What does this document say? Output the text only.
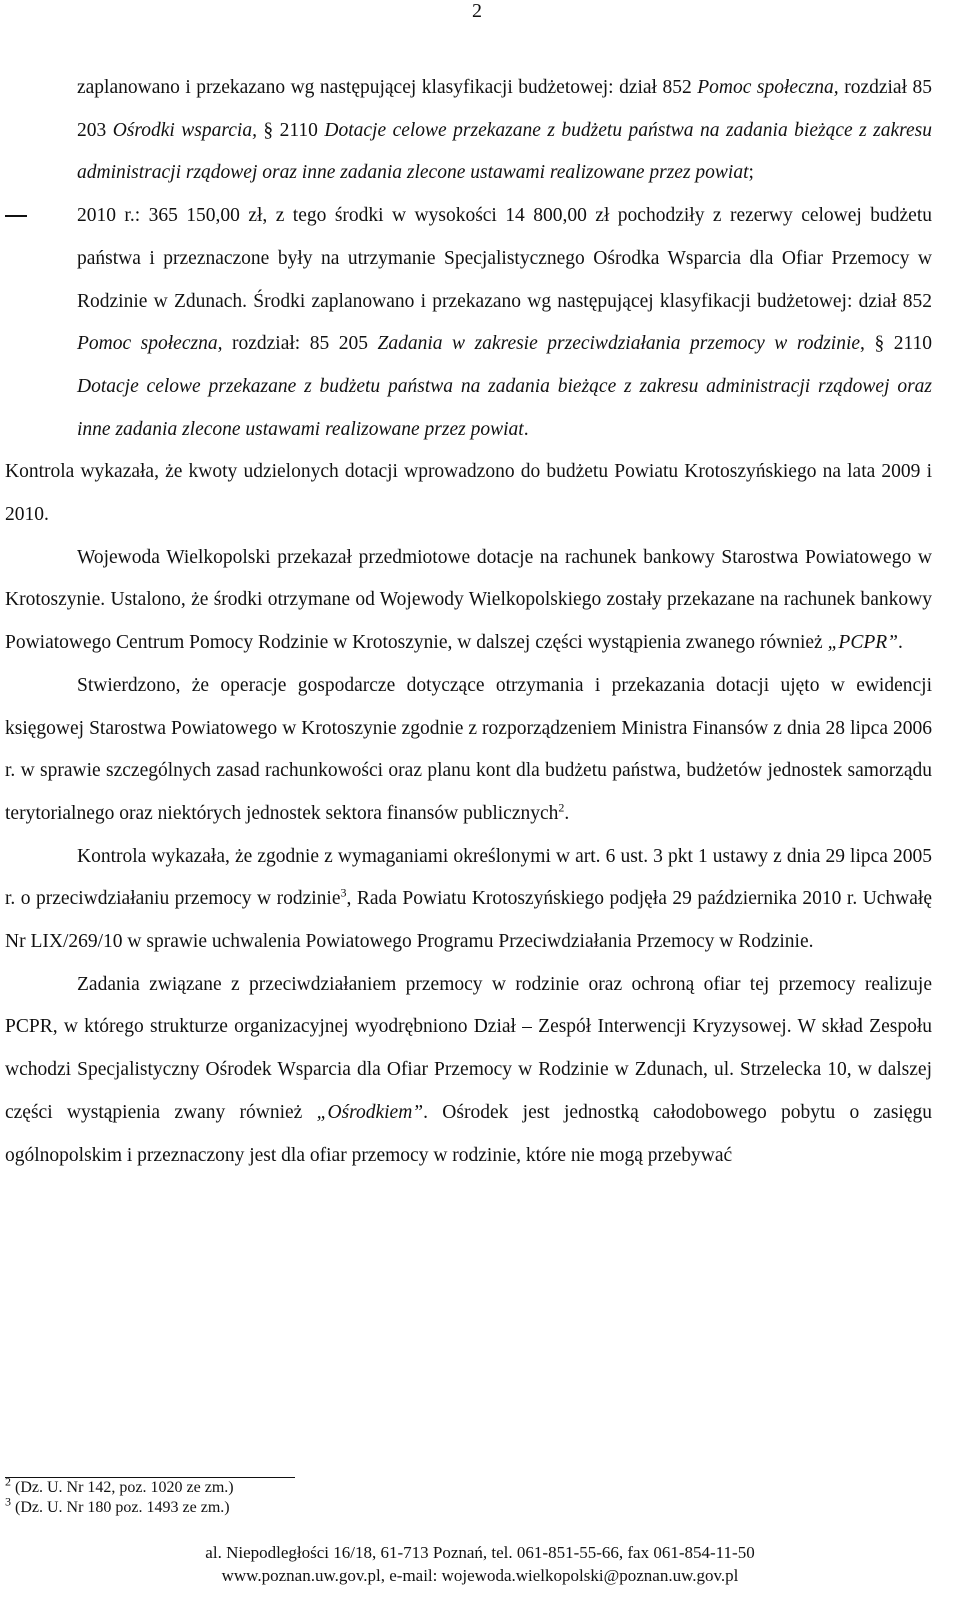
2

zaplanowano i przekazano wg następującej klasyfikacji budżetowej: dział 852 Pomoc społeczna, rozdział 85 203 Ośrodki wsparcia, § 2110 Dotacje celowe przekazane z budżetu państwa na zadania bieżące z zakresu administracji rządowej oraz inne zadania zlecone ustawami realizowane przez powiat;

2010 r.: 365 150,00 zł, z tego środki w wysokości 14 800,00 zł pochodziły z rezerwy celowej budżetu państwa i przeznaczone były na utrzymanie Specjalistycznego Ośrodka Wsparcia dla Ofiar Przemocy w Rodzinie w Zdunach. Środki zaplanowano i przekazano wg następującej klasyfikacji budżetowej: dział 852 Pomoc społeczna, rozdział: 85 205 Zadania w zakresie przeciwdziałania przemocy w rodzinie, § 2110 Dotacje celowe przekazane z budżetu państwa na zadania bieżące z zakresu administracji rządowej oraz inne zadania zlecone ustawami realizowane przez powiat.

Kontrola wykazała, że kwoty udzielonych dotacji wprowadzono do budżetu Powiatu Krotoszyńskiego na lata 2009 i 2010.

Wojewoda Wielkopolski przekazał przedmiotowe dotacje na rachunek bankowy Starostwa Powiatowego w Krotoszynie. Ustalono, że środki otrzymane od Wojewody Wielkopolskiego zostały przekazane na rachunek bankowy Powiatowego Centrum Pomocy Rodzinie w Krotoszynie, w dalszej części wystąpienia zwanego również „PCPR”.

Stwierdzono, że operacje gospodarcze dotyczące otrzymania i przekazania dotacji ujęto w ewidencji księgowej Starostwa Powiatowego w Krotoszynie zgodnie z rozporządzeniem Ministra Finansów z dnia 28 lipca 2006 r. w sprawie szczególnych zasad rachunkowości oraz planu kont dla budżetu państwa, budżetów jednostek samorządu terytorialnego oraz niektórych jednostek sektora finansów publicznych$^2$.

Kontrola wykazała, że zgodnie z wymaganiami określonymi w art. 6 ust. 3 pkt 1 ustawy z dnia 29 lipca 2005 r. o przeciwdziałaniu przemocy w rodzinie$^3$, Rada Powiatu Krotoszyńskiego podjęła 29 października 2010 r. Uchwałę Nr LIX/269/10 w sprawie uchwalenia Powiatowego Programu Przeciwdziałania Przemocy w Rodzinie.

Zadania związane z przeciwdziałaniem przemocy w rodzinie oraz ochroną ofiar tej przemocy realizuje PCPR, w którego strukturze organizacyjnej wyodrębniono Dział – Zespół Interwencji Kryzysowej. W skład Zespołu wchodzi Specjalistyczny Ośrodek Wsparcia dla Ofiar Przemocy w Rodzinie w Zdunach, ul. Strzelecka 10, w dalszej części wystąpienia zwany również „Ośrodkiem”. Ośrodek jest jednostką całodobowego pobytu o zasięgu ogólnopolskim i przeznaczony jest dla ofiar przemocy w rodzinie, które nie mogą przebywać

$^2$ (Dz. U. Nr 142, poz. 1020 ze zm.)
$^3$ (Dz. U. Nr 180 poz. 1493 ze zm.)
al. Niepodległości 16/18, 61-713 Poznań, tel. 061-851-55-66, fax 061-854-11-50
www.poznan.uw.gov.pl, e-mail: wojewoda.wielkopolski@poznan.uw.gov.pl
